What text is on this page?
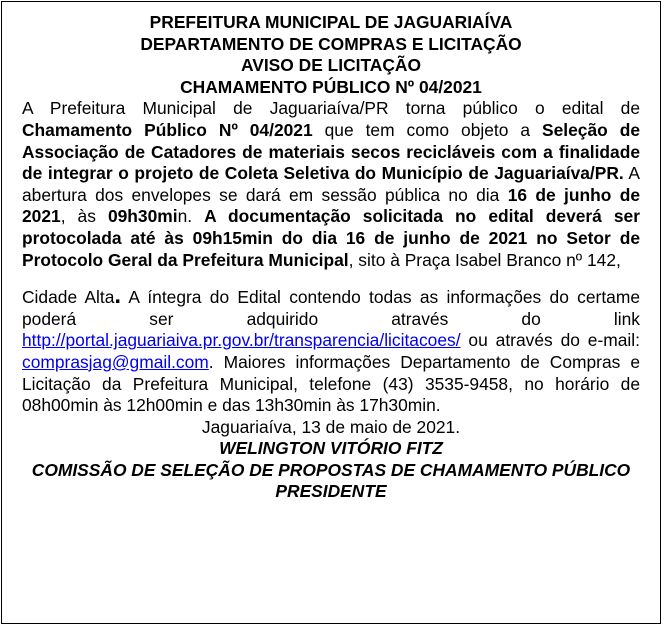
PREFEITURA MUNICIPAL DE JAGUARIAÍVA
DEPARTAMENTO DE COMPRAS E LICITAÇÃO
AVISO DE LICITAÇÃO
CHAMAMENTO PÚBLICO Nº 04/2021

A Prefeitura Municipal de Jaguariaíva/PR torna público o edital de Chamamento Público Nº 04/2021 que tem como objeto a Seleção de Associação de Catadores de materiais secos recicláveis com a finalidade de integrar o projeto de Coleta Seletiva do Município de Jaguariaíva/PR. A abertura dos envelopes se dará em sessão pública no dia 16 de junho de 2021, às 09h30min. A documentação solicitada no edital deverá ser protocolada até às 09h15min do dia 16 de junho de 2021 no Setor de Protocolo Geral da Prefeitura Municipal, sito à Praça Isabel Branco nº 142,

Cidade Alta. A íntegra do Edital contendo todas as informações do certame poderá ser adquirido através do link http://portal.jaguariaiva.pr.gov.br/transparencia/licitacoes/ ou através do e-mail: comprasjag@gmail.com. Maiores informações Departamento de Compras e Licitação da Prefeitura Municipal, telefone (43) 3535-9458, no horário de 08h00min às 12h00min e das 13h30min às 17h30min.

Jaguariaíva, 13 de maio de 2021.

WELINGTON VITÓRIO FITZ
COMISSÃO DE SELEÇÃO DE PROPOSTAS DE CHAMAMENTO PÚBLICO
PRESIDENTE
